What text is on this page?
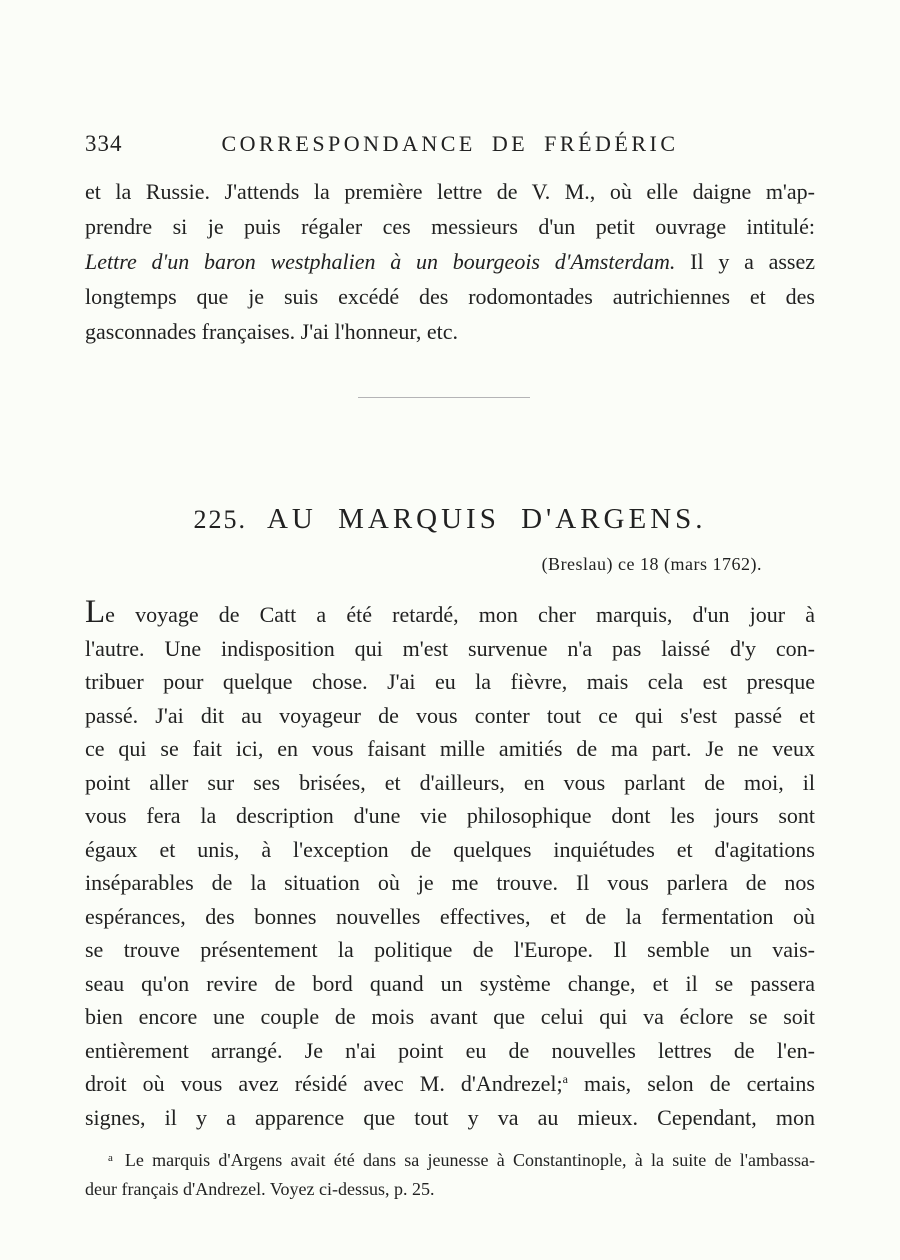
334	CORRESPONDANCE DE FRÉDÉRIC
et la Russie. J'attends la première lettre de V. M., où elle daigne m'ap-
prendre si je puis régaler ces messieurs d'un petit ouvrage intitulé:
Lettre d'un baron westphalien à un bourgeois d'Amsterdam. Il y a assez
longtemps que je suis excédé des rodomontades autrichiennes et des
gasconnades françaises. J'ai l'honneur, etc.
225. AU MARQUIS D'ARGENS.
(Breslau) ce 18 (mars 1762).
Le voyage de Catt a été retardé, mon cher marquis, d'un jour à
l'autre. Une indisposition qui m'est survenue n'a pas laissé d'y con-
tribuer pour quelque chose. J'ai eu la fièvre, mais cela est presque
passé. J'ai dit au voyageur de vous conter tout ce qui s'est passé et
ce qui se fait ici, en vous faisant mille amitiés de ma part. Je ne veux
point aller sur ses brisées, et d'ailleurs, en vous parlant de moi, il
vous fera la description d'une vie philosophique dont les jours sont
égaux et unis, à l'exception de quelques inquiétudes et d'agitations
inséparables de la situation où je me trouve. Il vous parlera de nos
espérances, des bonnes nouvelles effectives, et de la fermentation où
se trouve présentement la politique de l'Europe. Il semble un vais-
seau qu'on revire de bord quand un système change, et il se passera
bien encore une couple de mois avant que celui qui va éclore se soit
entièrement arrangé. Je n'ai point eu de nouvelles lettres de l'en-
droit où vous avez résidé avec M. d'Andrezel;$^a$ mais, selon de certains
signes, il y a apparence que tout y va au mieux. Cependant, mon
$^a$ Le marquis d'Argens avait été dans sa jeunesse à Constantinople, à la suite de l'ambassa-
deur français d'Andrezel. Voyez ci-dessus, p. 25.
